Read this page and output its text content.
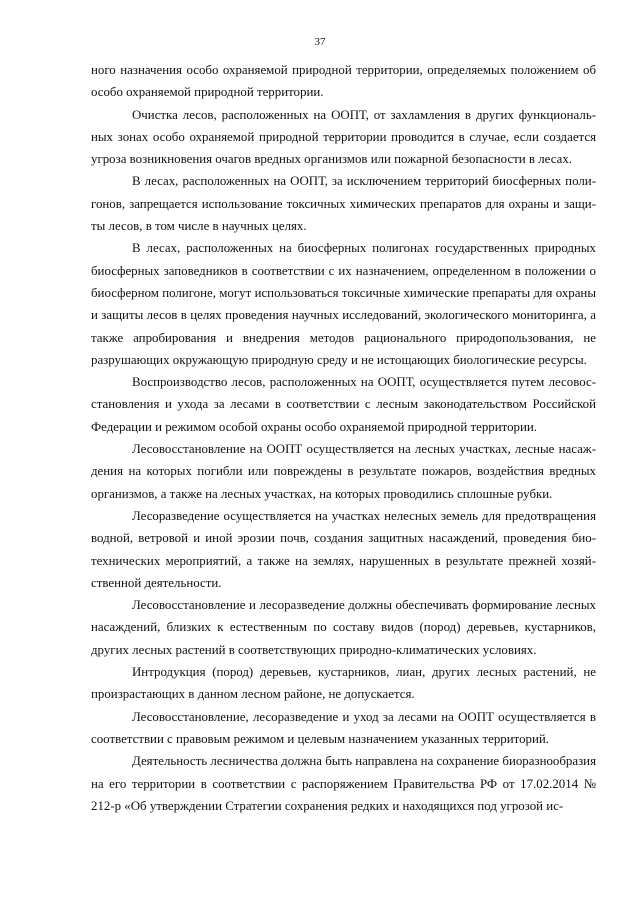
37

ного назначения особо охраняемой природной территории, определяемых положением об особо охраняемой природной территории.

Очистка лесов, расположенных на ООПТ, от захламления в других функциональных зонах особо охраняемой природной территории проводится в случае, если создается угроза возникновения очагов вредных организмов или пожарной безопасности в лесах.

В лесах, расположенных на ООПТ, за исключением территорий биосферных полигонов, запрещается использование токсичных химических препаратов для охраны и защиты лесов, в том числе в научных целях.

В лесах, расположенных на биосферных полигонах государственных природных биосферных заповедников в соответствии с их назначением, определенном в положении о биосферном полигоне, могут использоваться токсичные химические препараты для охраны и защиты лесов в целях проведения научных исследований, экологического мониторинга, а также апробирования и внедрения методов рационального природопользования, не разрушающих окружающую природную среду и не истощающих биологические ресурсы.

Воспроизводство лесов, расположенных на ООПТ, осуществляется путем лесовосстановления и ухода за лесами в соответствии с лесным законодательством Российской Федерации и режимом особой охраны особо охраняемой природной территории.

Лесовосстановление на ООПТ осуществляется на лесных участках, лесные насаждения на которых погибли или повреждены в результате пожаров, воздействия вредных организмов, а также на лесных участках, на которых проводились сплошные рубки.

Лесоразведение осуществляется на участках нелесных земель для предотвращения водной, ветровой и иной эрозии почв, создания защитных насаждений, проведения биотехнических мероприятий, а также на землях, нарушенных в результате прежней хозяйственной деятельности.

Лесовосстановление и лесоразведение должны обеспечивать формирование лесных насаждений, близких к естественным по составу видов (пород) деревьев, кустарников, других лесных растений в соответствующих природно-климатических условиях.

Интродукция (пород) деревьев, кустарников, лиан, других лесных растений, не произрастающих в данном лесном районе, не допускается.

Лесовосстановление, лесоразведение и уход за лесами на ООПТ осуществляется в соответствии с правовым режимом и целевым назначением указанных территорий.

Деятельность лесничества должна быть направлена на сохранение биоразнообразия на его территории в соответствии с распоряжением Правительства РФ от 17.02.2014 № 212-р «Об утверждении Стратегии сохранения редких и находящихся под угрозой ис-
